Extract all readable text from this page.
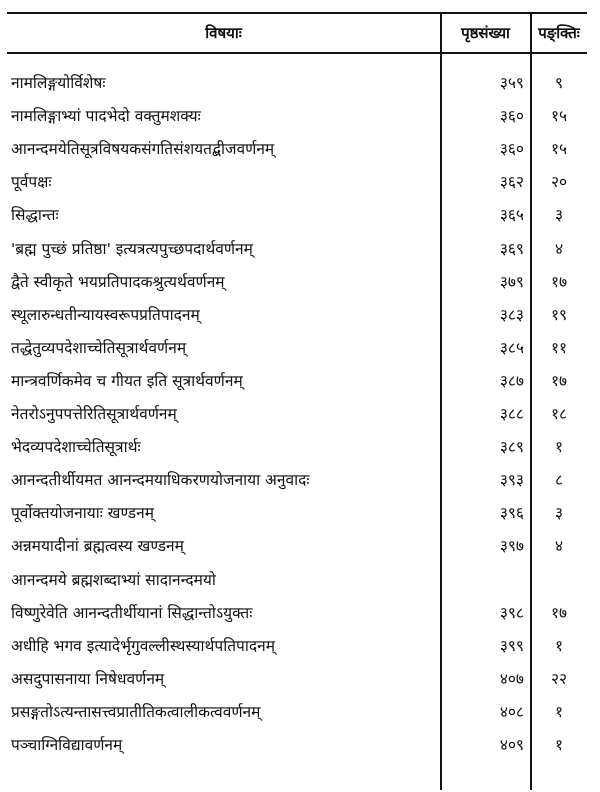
विषयाः	पृष्ठसंख्या	पङ्क्तिः
नामलिङ्गयोर्विशेषः	३५९	९
नामलिङ्गाभ्यां पादभेदो वक्तुमशक्यः	३६०	१५
आनन्दमयेतिसूत्रविषयकसंगतिसंशयतद्बीजवर्णनम्	३६०	१५
पूर्वपक्षः	३६२	२०
सिद्धान्तः	३६५	३
'ब्रह्म पुच्छं प्रतिष्ठा' इत्यत्रत्यपुच्छपदार्थवर्णनम्	३६९	४
द्वैते स्वीकृते भयप्रतिपादकश्रुत्यर्थवर्णनम्	३७९	१७
स्थूलारुन्धतीन्यायस्वरूपप्रतिपादनम्	३८३	१९
तद्धेतुव्यपदेशाच्चेतिसूत्रार्थवर्णनम्	३८५	११
मान्त्रवर्णिकमेव च गीयत इति सूत्रार्थवर्णनम्	३८७	१७
नेतरोऽनुपपत्तेरितिसूत्रार्थवर्णनम्	३८८	१८
भेदव्यपदेशाच्चेतिसूत्रार्थः	३८९	१
आनन्दतीर्थीयमत आनन्दमयाधिकरणयोजनाया अनुवादः	३९३	८
पूर्वोक्तयोजनायाः खण्डनम्	३९६	३
अन्नमयादीनां ब्रह्मत्वस्य खण्डनम्	३९७	४
आनन्दमये ब्रह्मशब्दाभ्यां सादानन्दमयो
विष्णुरेवेति आनन्दतीर्थीयानां सिद्धान्तोऽयुक्तः	३९८	१७
अधीहि भगव इत्यादेर्भृगुवल्लीस्थस्यार्थपतिपादनम्	३९९	१
असदुपासनाया निषेधवर्णनम्	४०७	२२
प्रसङ्गतोऽत्यन्तासत्त्वप्रातीतिकत्वालीकत्ववर्णनम्	४०८	१
पञ्चाग्निविद्यावर्णनम्	४०९	१
